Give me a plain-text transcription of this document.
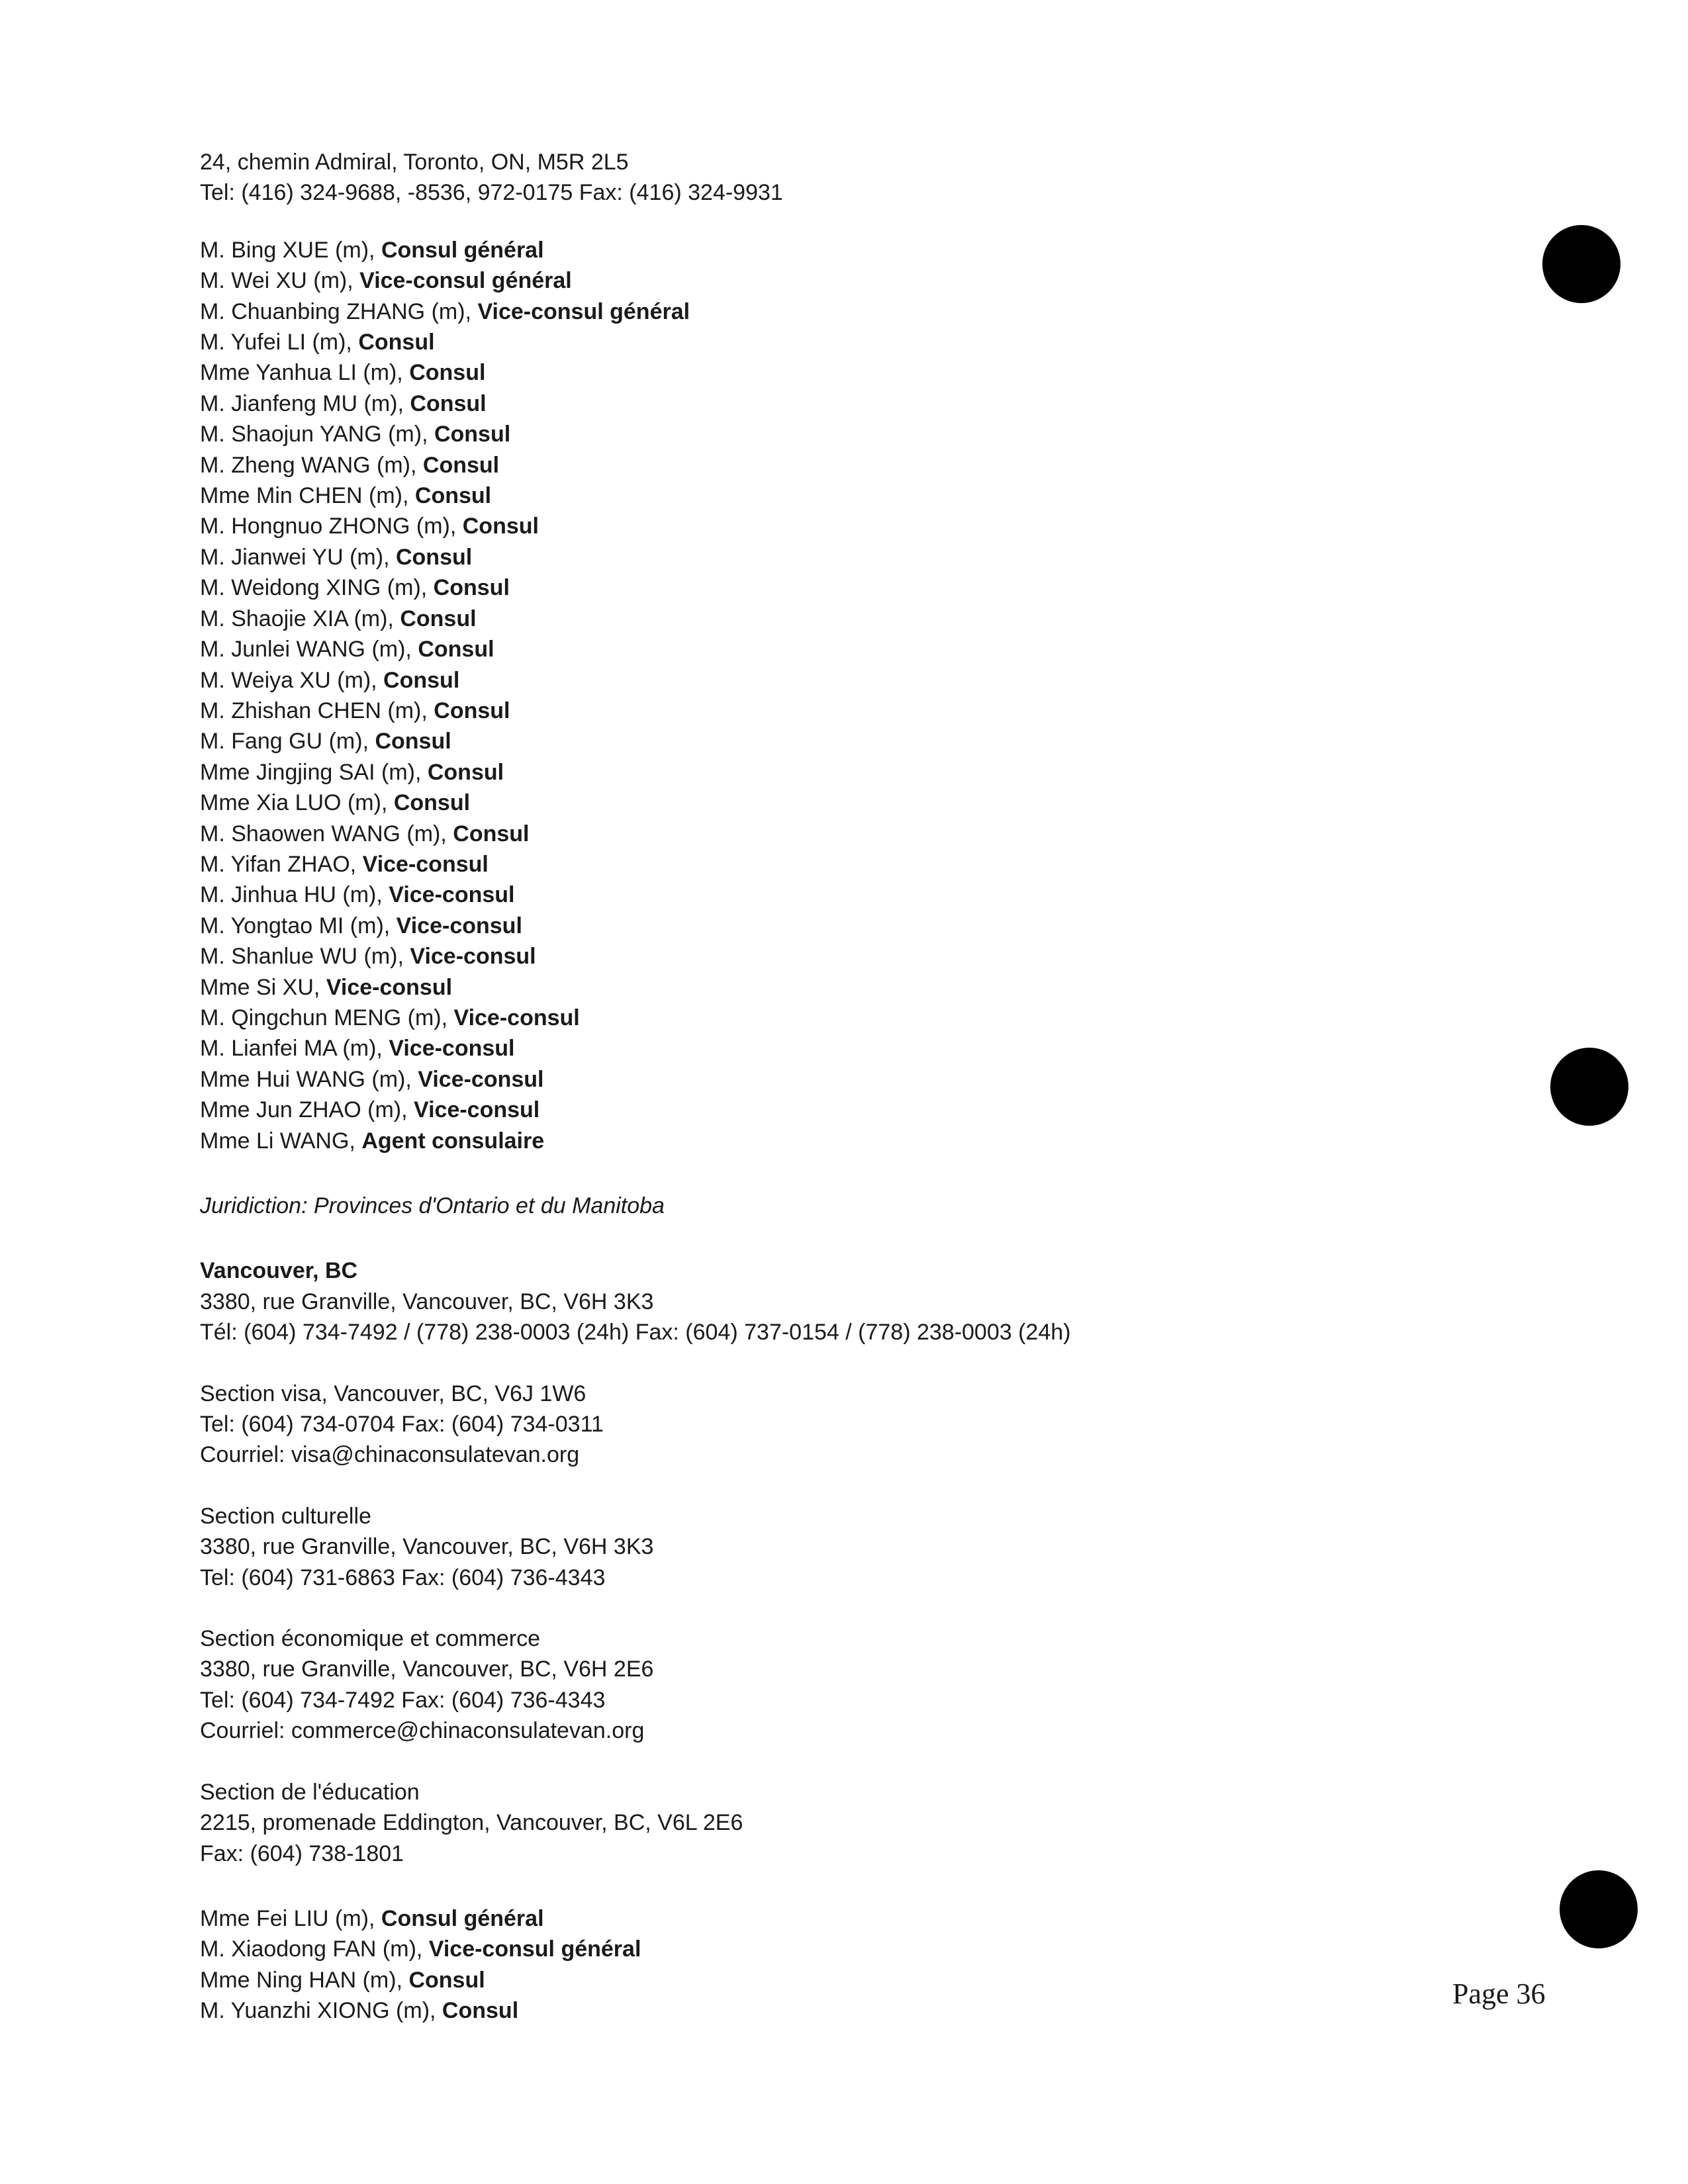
24, chemin Admiral, Toronto, ON, M5R 2L5
Tel: (416) 324-9688, -8536, 972-0175 Fax: (416) 324-9931
M. Bing XUE (m), Consul général
M. Wei XU (m), Vice-consul général
M. Chuanbing ZHANG (m), Vice-consul général
M. Yufei LI (m), Consul
Mme Yanhua LI (m), Consul
M. Jianfeng MU (m), Consul
M. Shaojun YANG (m), Consul
M. Zheng WANG (m), Consul
Mme Min CHEN (m), Consul
M. Hongnuo ZHONG (m), Consul
M. Jianwei YU (m), Consul
M. Weidong XING (m), Consul
M. Shaojie XIA (m), Consul
M. Junlei WANG (m), Consul
M. Weiya XU (m), Consul
M. Zhishan CHEN (m), Consul
M. Fang GU (m), Consul
Mme Jingjing SAI (m), Consul
Mme Xia LUO (m), Consul
M. Shaowen WANG (m), Consul
M. Yifan ZHAO, Vice-consul
M. Jinhua HU (m), Vice-consul
M. Yongtao MI (m), Vice-consul
M. Shanlue WU (m), Vice-consul
Mme Si XU, Vice-consul
M. Qingchun MENG (m), Vice-consul
M. Lianfei MA (m), Vice-consul
Mme Hui WANG (m), Vice-consul
Mme Jun ZHAO (m), Vice-consul
Mme Li WANG, Agent consulaire
Juridiction: Provinces d'Ontario et du Manitoba
Vancouver, BC
3380, rue Granville, Vancouver, BC, V6H 3K3
Tél: (604) 734-7492 / (778) 238-0003 (24h) Fax: (604) 737-0154 / (778) 238-0003 (24h)
Section visa, Vancouver, BC, V6J 1W6
Tel: (604) 734-0704 Fax: (604) 734-0311
Courriel: visa@chinaconsulatevan.org
Section culturelle
3380, rue Granville, Vancouver, BC, V6H 3K3
Tel: (604) 731-6863 Fax: (604) 736-4343
Section économique et commerce
3380, rue Granville, Vancouver, BC, V6H 2E6
Tel: (604) 734-7492 Fax: (604) 736-4343
Courriel: commerce@chinaconsulatevan.org
Section de l'éducation
2215, promenade Eddington, Vancouver, BC, V6L 2E6
Fax: (604) 738-1801
Mme Fei LIU (m), Consul général
M. Xiaodong FAN (m), Vice-consul général
Mme Ning HAN (m), Consul
M. Yuanzhi XIONG (m), Consul
Page 36
